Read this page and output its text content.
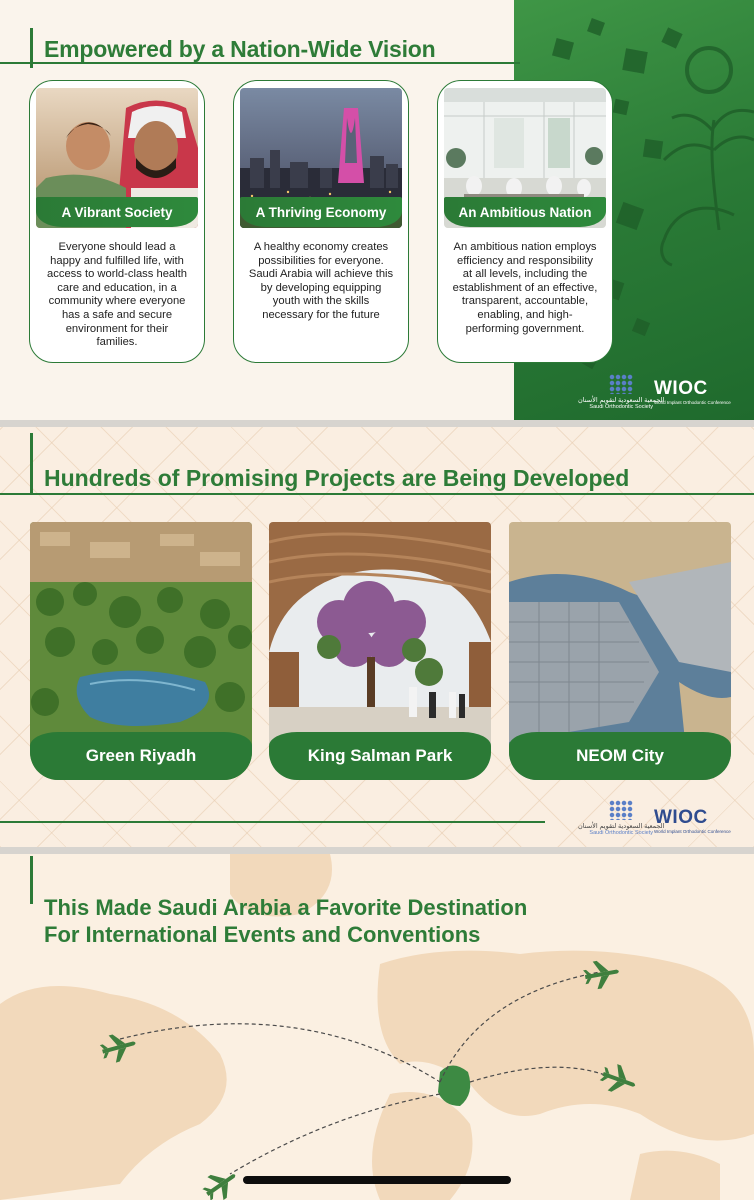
Empowered by a Nation-Wide Vision
A Vibrant Society
Everyone should lead a happy and fulfilled life, with access to world-class health care and education, in a community where everyone has a safe and secure environment for their families.
A Thriving Economy
A healthy economy creates possibilities for everyone. Saudi Arabia will achieve this by developing equipping youth with the skills necessary for the future
An Ambitious Nation
An ambitious nation employs efficiency and responsibility at all levels, including the establishment of an effective, transparent, accountable, enabling, and high-performing government.
الجمعية السعودية لتقويم الأسنان
Saudi Orthodontic Society
WIOC
World Implant Orthodontic Conference
Hundreds of Promising Projects are Being Developed
Green Riyadh	King Salman Park	NEOM City
الجمعية السعودية لتقويم الأسنان
Saudi Orthodontic Society
WIOC
World Implant Orthodontic Conference
This Made Saudi Arabia a Favorite Destination
For International Events and Conventions
